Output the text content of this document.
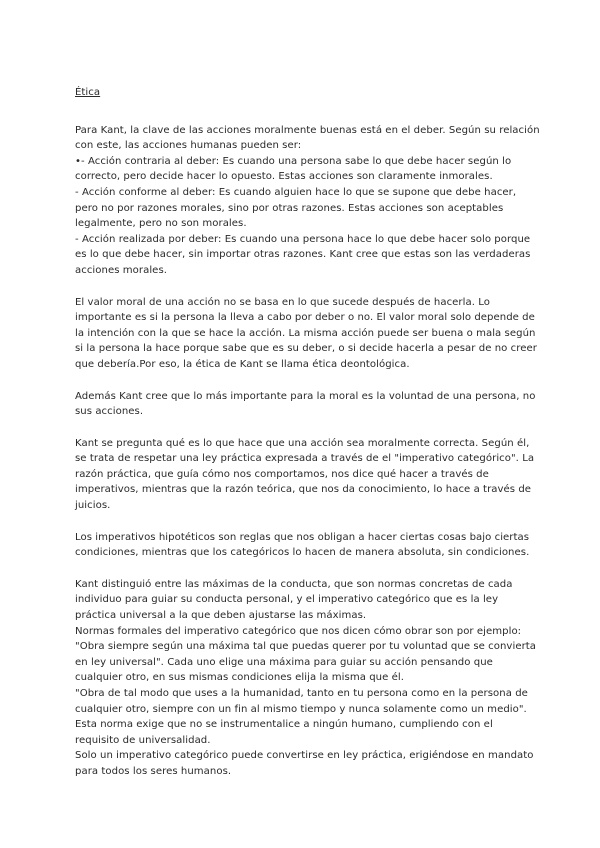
Ética
Para Kant, la clave de las acciones moralmente buenas está en el deber. Según su relación con este, las acciones humanas pueden ser:
•- Acción contraria al deber: Es cuando una persona sabe lo que debe hacer según lo correcto, pero decide hacer lo opuesto. Estas acciones son claramente inmorales.
- Acción conforme al deber: Es cuando alguien hace lo que se supone que debe hacer, pero no por razones morales, sino por otras razones. Estas acciones son aceptables legalmente, pero no son morales.
- Acción realizada por deber: Es cuando una persona hace lo que debe hacer solo porque es lo que debe hacer, sin importar otras razones. Kant cree que estas son las verdaderas acciones morales.
El valor moral de una acción no se basa en lo que sucede después de hacerla. Lo importante es si la persona la lleva a cabo por deber o no. El valor moral solo depende de la intención con la que se hace la acción. La misma acción puede ser buena o mala según si la persona la hace porque sabe que es su deber, o si decide hacerla a pesar de no creer que debería.Por eso, la ética de Kant se llama ética deontológica.
Además Kant cree que lo más importante para la moral es la voluntad de una persona, no sus acciones.
Kant se pregunta qué es lo que hace que una acción sea moralmente correcta. Según él, se trata de respetar una ley práctica expresada a través de el "imperativo categórico". La razón práctica, que guía cómo nos comportamos, nos dice qué hacer a través de imperativos, mientras que la razón teórica, que nos da conocimiento, lo hace a través de juicios.
Los imperativos hipotéticos son reglas que nos obligan a hacer ciertas cosas bajo ciertas condiciones, mientras que los categóricos lo hacen de manera absoluta, sin condiciones.
Kant distinguió entre las máximas de la conducta, que son normas concretas de cada individuo para guiar su conducta personal, y el imperativo categórico que es la ley práctica universal a la que deben ajustarse las máximas.
Normas formales del imperativo categórico que nos dicen cómo obrar son por ejemplo:
"Obra siempre según una máxima tal que puedas querer por tu voluntad que se convierta en ley universal". Cada uno elige una máxima para guiar su acción pensando que cualquier otro, en sus mismas condiciones elija la misma que él.
"Obra de tal modo que uses a la humanidad, tanto en tu persona como en la persona de cualquier otro, siempre con un fin al mismo tiempo y nunca solamente como un medio". Esta norma exige que no se instrumentalice a ningún humano, cumpliendo con el requisito de universalidad.
Solo un imperativo categórico puede convertirse en ley práctica, erigiéndose en mandato para todos los seres humanos.
